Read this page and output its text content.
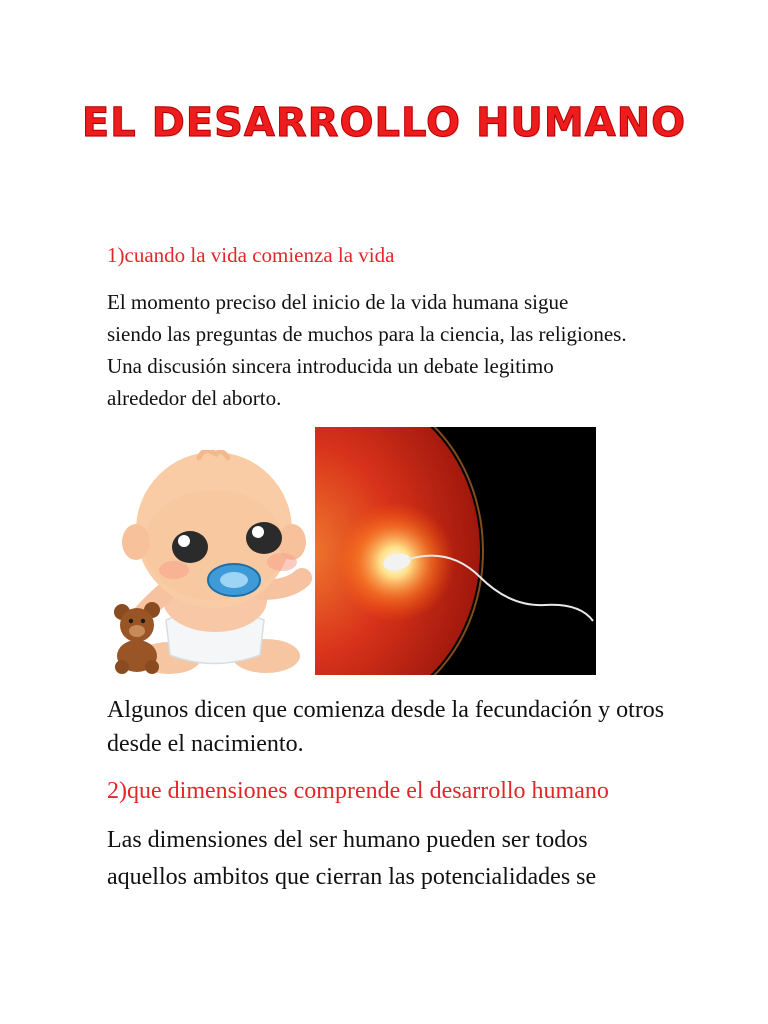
EL DESARROLLO HUMANO
1)cuando la vida comienza la vida

El momento preciso del inicio de la vida humana sigue siendo las preguntas de muchos para la ciencia, las religiones. Una discusión sincera introducida un debate legitimo alrededor del aborto.

Algunos dicen que comienza desde la fecundación y otros desde el nacimiento.

2)que dimensiones comprende el desarrollo humano

Las dimensiones del ser humano pueden ser todos aquellos ambitos que cierran las potencialidades se
